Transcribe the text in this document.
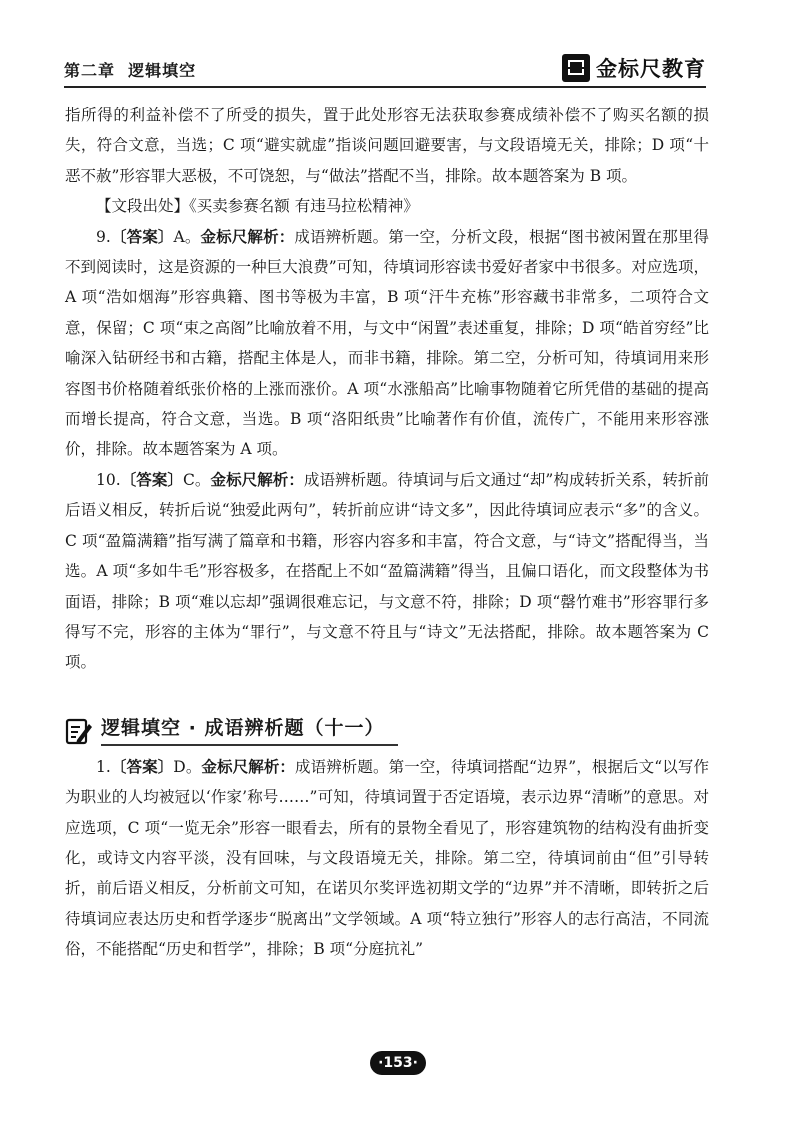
第二章  逻辑填空	金标尺教育

指所得的利益补偿不了所受的损失，置于此处形容无法获取参赛成绩补偿不了购买名额的损失，符合文意，当选；C 项“避实就虚”指谈问题回避要害，与文段语境无关，排除；D 项“十恶不赦”形容罪大恶极，不可饶恕，与“做法”搭配不当，排除。故本题答案为 B 项。

【文段出处】《买卖参赛名额 有违马拉松精神》

9.〔答案〕A。金标尺解析：成语辨析题。第一空，分析文段，根据“图书被闲置在那里得不到阅读时，这是资源的一种巨大浪费”可知，待填词形容读书爱好者家中书很多。对应选项，A 项“浩如烟海”形容典籍、图书等极为丰富，B 项“汗牛充栋”形容藏书非常多，二项符合文意，保留；C 项“束之高阁”比喻放着不用，与文中“闲置”表述重复，排除；D 项“皓首穷经”比喻深入钻研经书和古籍，搭配主体是人，而非书籍，排除。第二空，分析可知，待填词用来形容图书价格随着纸张价格的上涨而涨价。A 项“水涨船高”比喻事物随着它所凭借的基础的提高而增长提高，符合文意，当选。B 项“洛阳纸贵”比喻著作有价值，流传广，不能用来形容涨价，排除。故本题答案为 A 项。

10.〔答案〕C。金标尺解析：成语辨析题。待填词与后文通过“却”构成转折关系，转折前后语义相反，转折后说“独爱此两句”，转折前应讲“诗文多”，因此待填词应表示“多”的含义。C 项“盈篇满籍”指写满了篇章和书籍，形容内容多和丰富，符合文意，与“诗文”搭配得当，当选。A 项“多如牛毛”形容极多，在搭配上不如“盈篇满籍”得当，且偏口语化，而文段整体为书面语，排除；B 项“难以忘却”强调很难忘记，与文意不符，排除；D 项“罄竹难书”形容罪行多得写不完，形容的主体为“罪行”，与文意不符且与“诗文”无法搭配，排除。故本题答案为 C 项。

逻辑填空 · 成语辨析题（十一）

1.〔答案〕D。金标尺解析：成语辨析题。第一空，待填词搭配“边界”，根据后文“以写作为职业的人均被冠以‘作家’称号……”可知，待填词置于否定语境，表示边界“清晰”的意思。对应选项，C 项“一览无余”形容一眼看去，所有的景物全看见了，形容建筑物的结构没有曲折变化，或诗文内容平淡，没有回味，与文段语境无关，排除。第二空，待填词前由“但”引导转折，前后语义相反，分析前文可知，在诺贝尔奖评选初期文学的“边界”并不清晰，即转折之后待填词应表达历史和哲学逐步“脱离出”文学领域。A 项“特立独行”形容人的志行高洁，不同流俗，不能搭配“历史和哲学”，排除；B 项“分庭抗礼”

·153·
